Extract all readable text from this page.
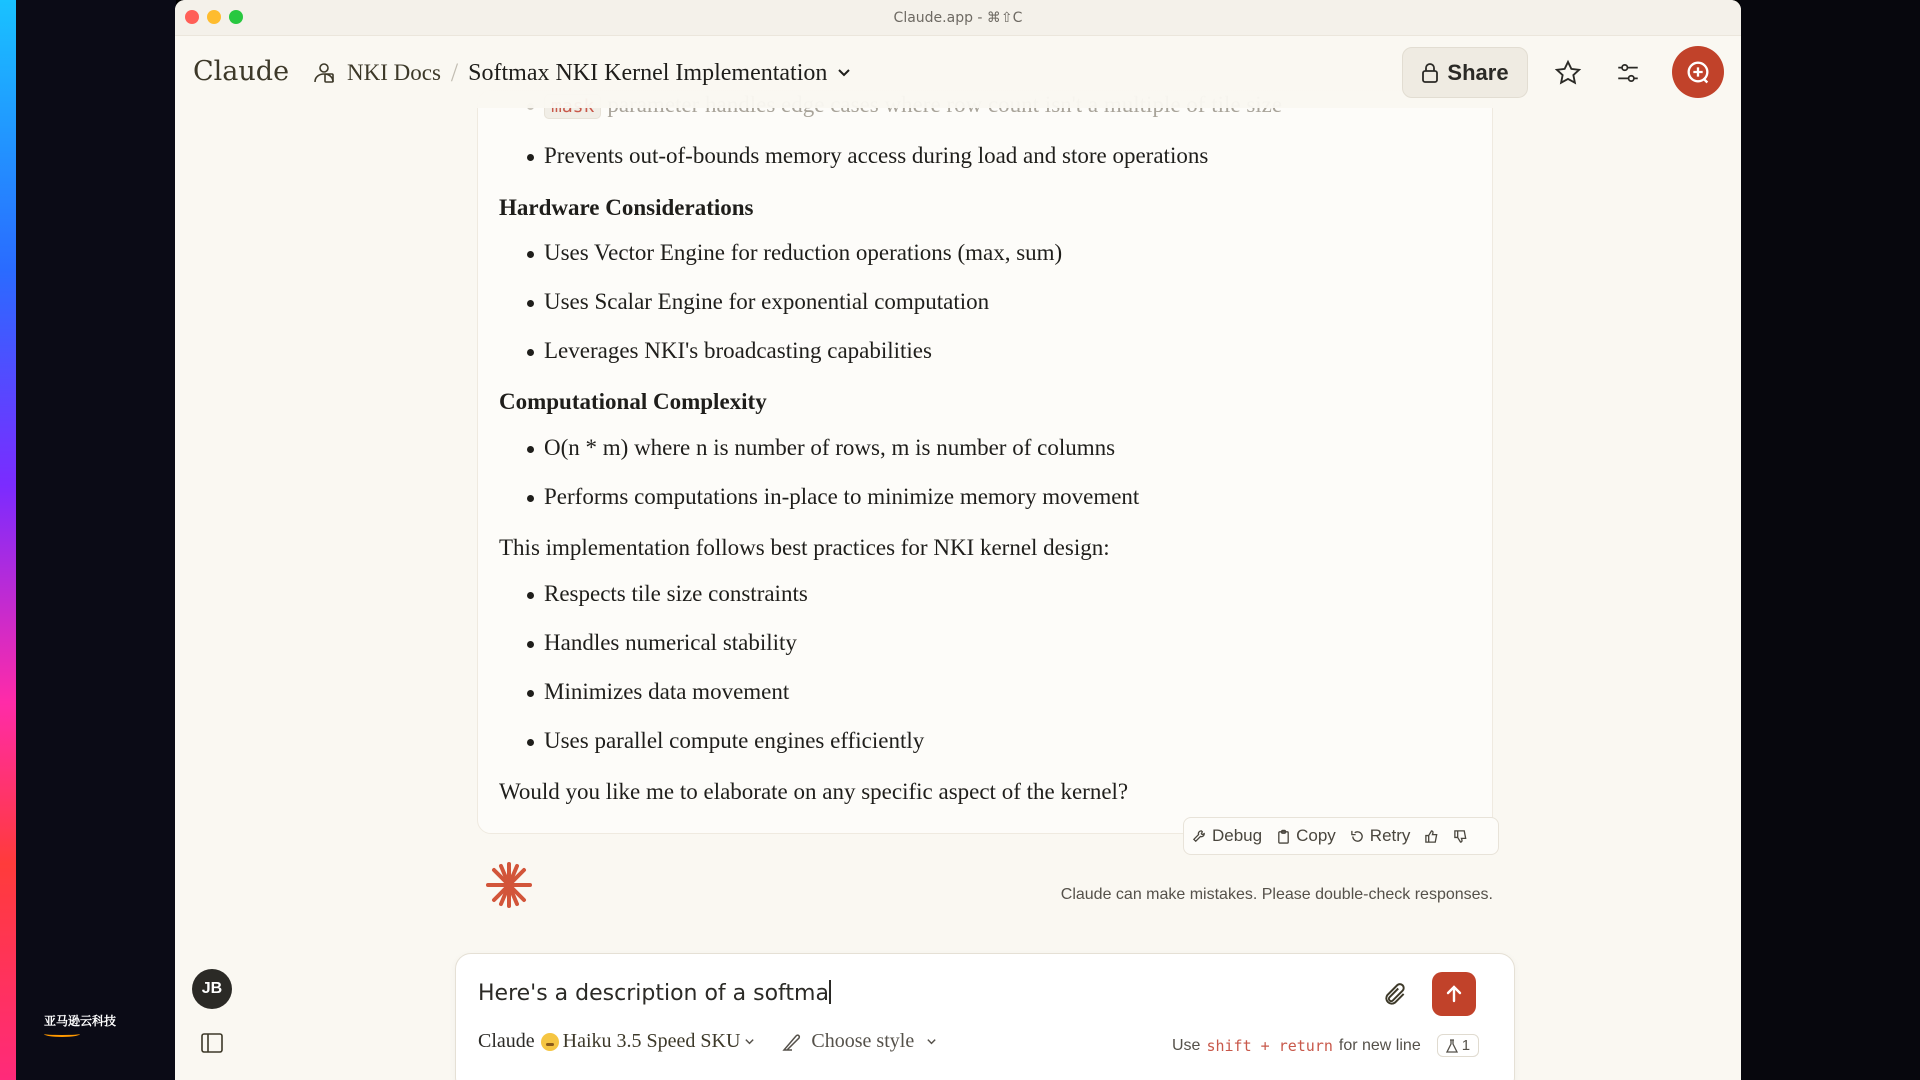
亚马逊云科技
Claude.app - ⌘⇧C
Claude	NKI Docs / Softmax NKI Kernel Implementation	Share
Prevents out-of-bounds memory access during load and store operations
Hardware Considerations
Uses Vector Engine for reduction operations (max, sum)
Uses Scalar Engine for exponential computation
Leverages NKI's broadcasting capabilities
Computational Complexity
O(n * m) where n is number of rows, m is number of columns
Performs computations in-place to minimize memory movement
This implementation follows best practices for NKI kernel design:
Respects tile size constraints
Handles numerical stability
Minimizes data movement
Uses parallel compute engines efficiently
Would you like me to elaborate on any specific aspect of the kernel?
Debug Copy Retry
Claude can make mistakes. Please double-check responses.
Here's a description of a softma
Claude Haiku 3.5 Speed SKU	Choose style	Use shift + return for new line	1
JB
